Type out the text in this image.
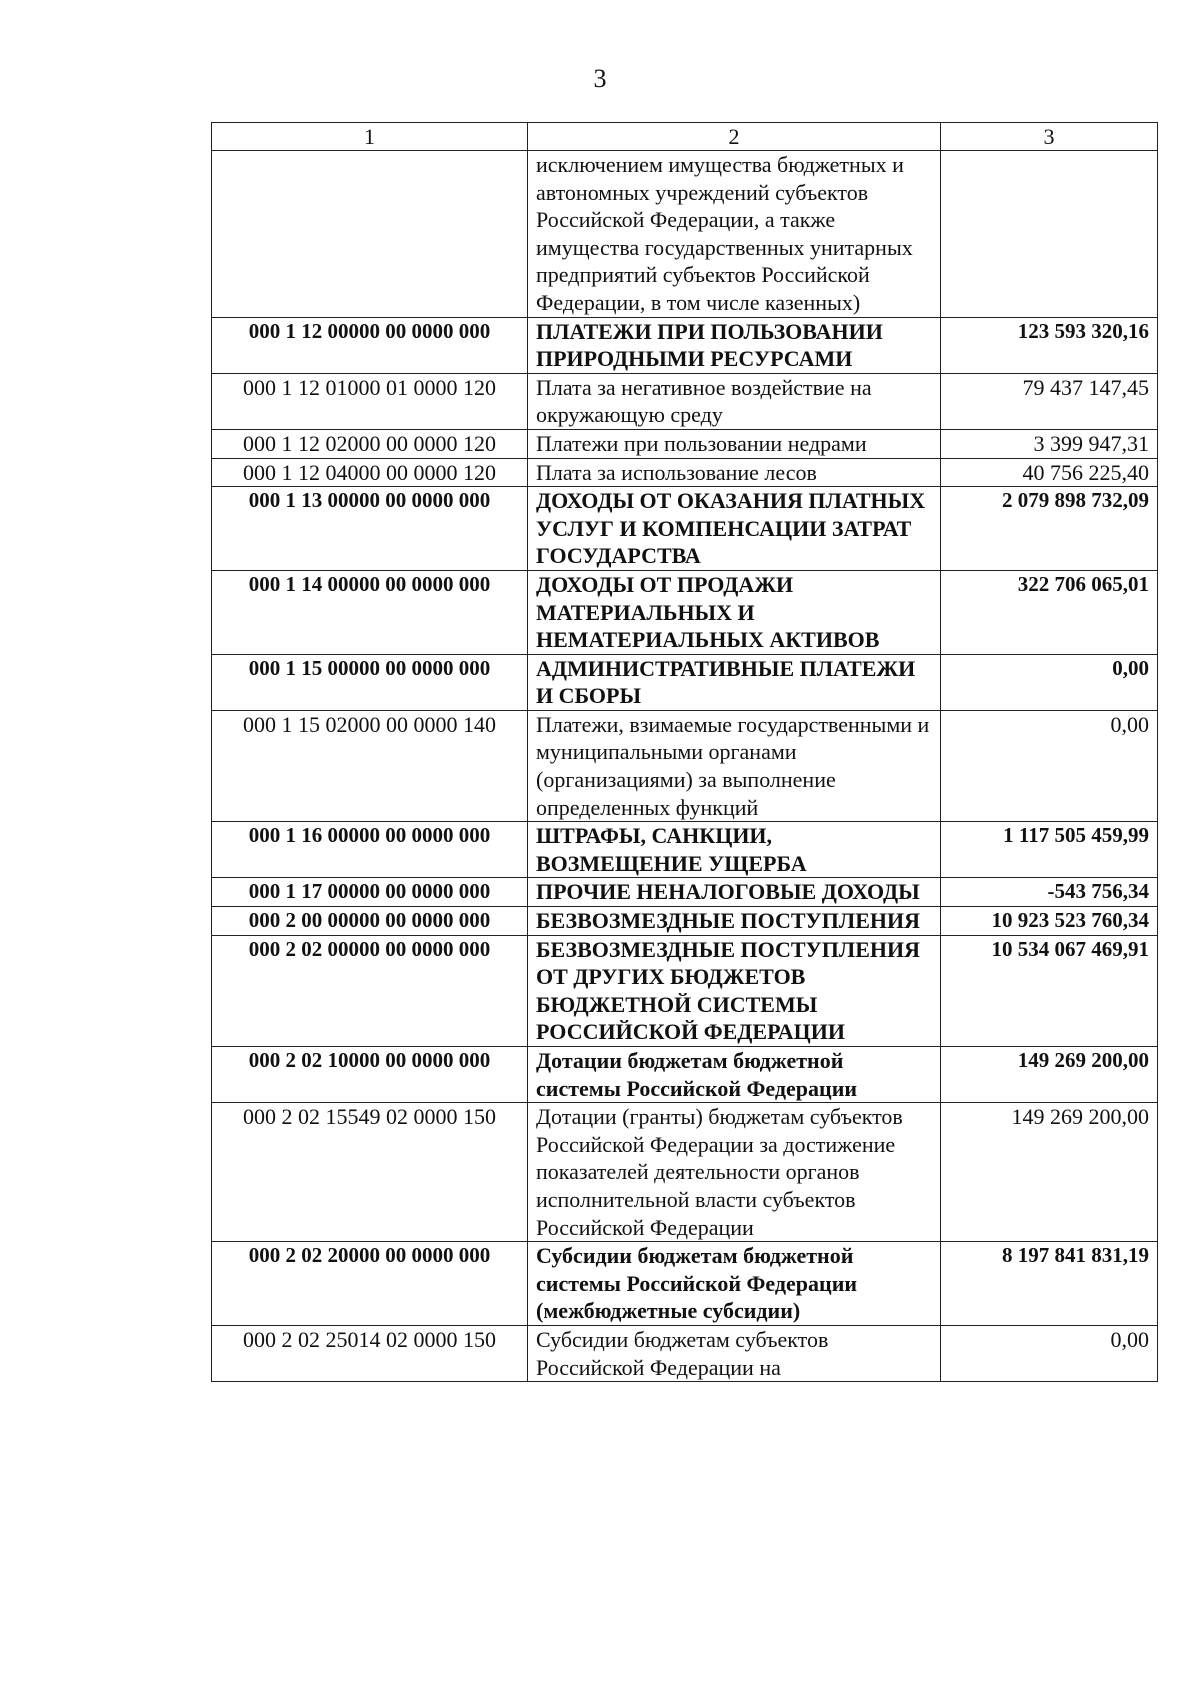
3
1	2	3
	исключением имущества бюджетных и автономных учреждений субъектов Российской Федерации, а также имущества государственных унитарных предприятий субъектов Российской Федерации, в том числе казенных)	
000 1 12 00000 00 0000 000	ПЛАТЕЖИ ПРИ ПОЛЬЗОВАНИИ ПРИРОДНЫМИ РЕСУРСАМИ	123 593 320,16
000 1 12 01000 01 0000 120	Плата за негативное воздействие на окружающую среду	79 437 147,45
000 1 12 02000 00 0000 120	Платежи при пользовании недрами	3 399 947,31
000 1 12 04000 00 0000 120	Плата за использование лесов	40 756 225,40
000 1 13 00000 00 0000 000	ДОХОДЫ ОТ ОКАЗАНИЯ ПЛАТНЫХ УСЛУГ И КОМПЕНСАЦИИ ЗАТРАТ ГОСУДАРСТВА	2 079 898 732,09
000 1 14 00000 00 0000 000	ДОХОДЫ ОТ ПРОДАЖИ МАТЕРИАЛЬНЫХ И НЕМАТЕРИАЛЬНЫХ АКТИВОВ	322 706 065,01
000 1 15 00000 00 0000 000	АДМИНИСТРАТИВНЫЕ ПЛАТЕЖИ И СБОРЫ	0,00
000 1 15 02000 00 0000 140	Платежи, взимаемые государственными и муниципальными органами (организациями) за выполнение определенных функций	0,00
000 1 16 00000 00 0000 000	ШТРАФЫ, САНКЦИИ, ВОЗМЕЩЕНИЕ УЩЕРБА	1 117 505 459,99
000 1 17 00000 00 0000 000	ПРОЧИЕ НЕНАЛОГОВЫЕ ДОХОДЫ	-543 756,34
000 2 00 00000 00 0000 000	БЕЗВОЗМЕЗДНЫЕ ПОСТУПЛЕНИЯ	10 923 523 760,34
000 2 02 00000 00 0000 000	БЕЗВОЗМЕЗДНЫЕ ПОСТУПЛЕНИЯ ОТ ДРУГИХ БЮДЖЕТОВ БЮДЖЕТНОЙ СИСТЕМЫ РОССИЙСКОЙ ФЕДЕРАЦИИ	10 534 067 469,91
000 2 02 10000 00 0000 000	Дотации бюджетам бюджетной системы Российской Федерации	149 269 200,00
000 2 02 15549 02 0000 150	Дотации (гранты) бюджетам субъектов Российской Федерации за достижение показателей деятельности органов исполнительной власти субъектов Российской Федерации	149 269 200,00
000 2 02 20000 00 0000 000	Субсидии бюджетам бюджетной системы Российской Федерации (межбюджетные субсидии)	8 197 841 831,19
000 2 02 25014 02 0000 150	Субсидии бюджетам субъектов Российской Федерации на	0,00
